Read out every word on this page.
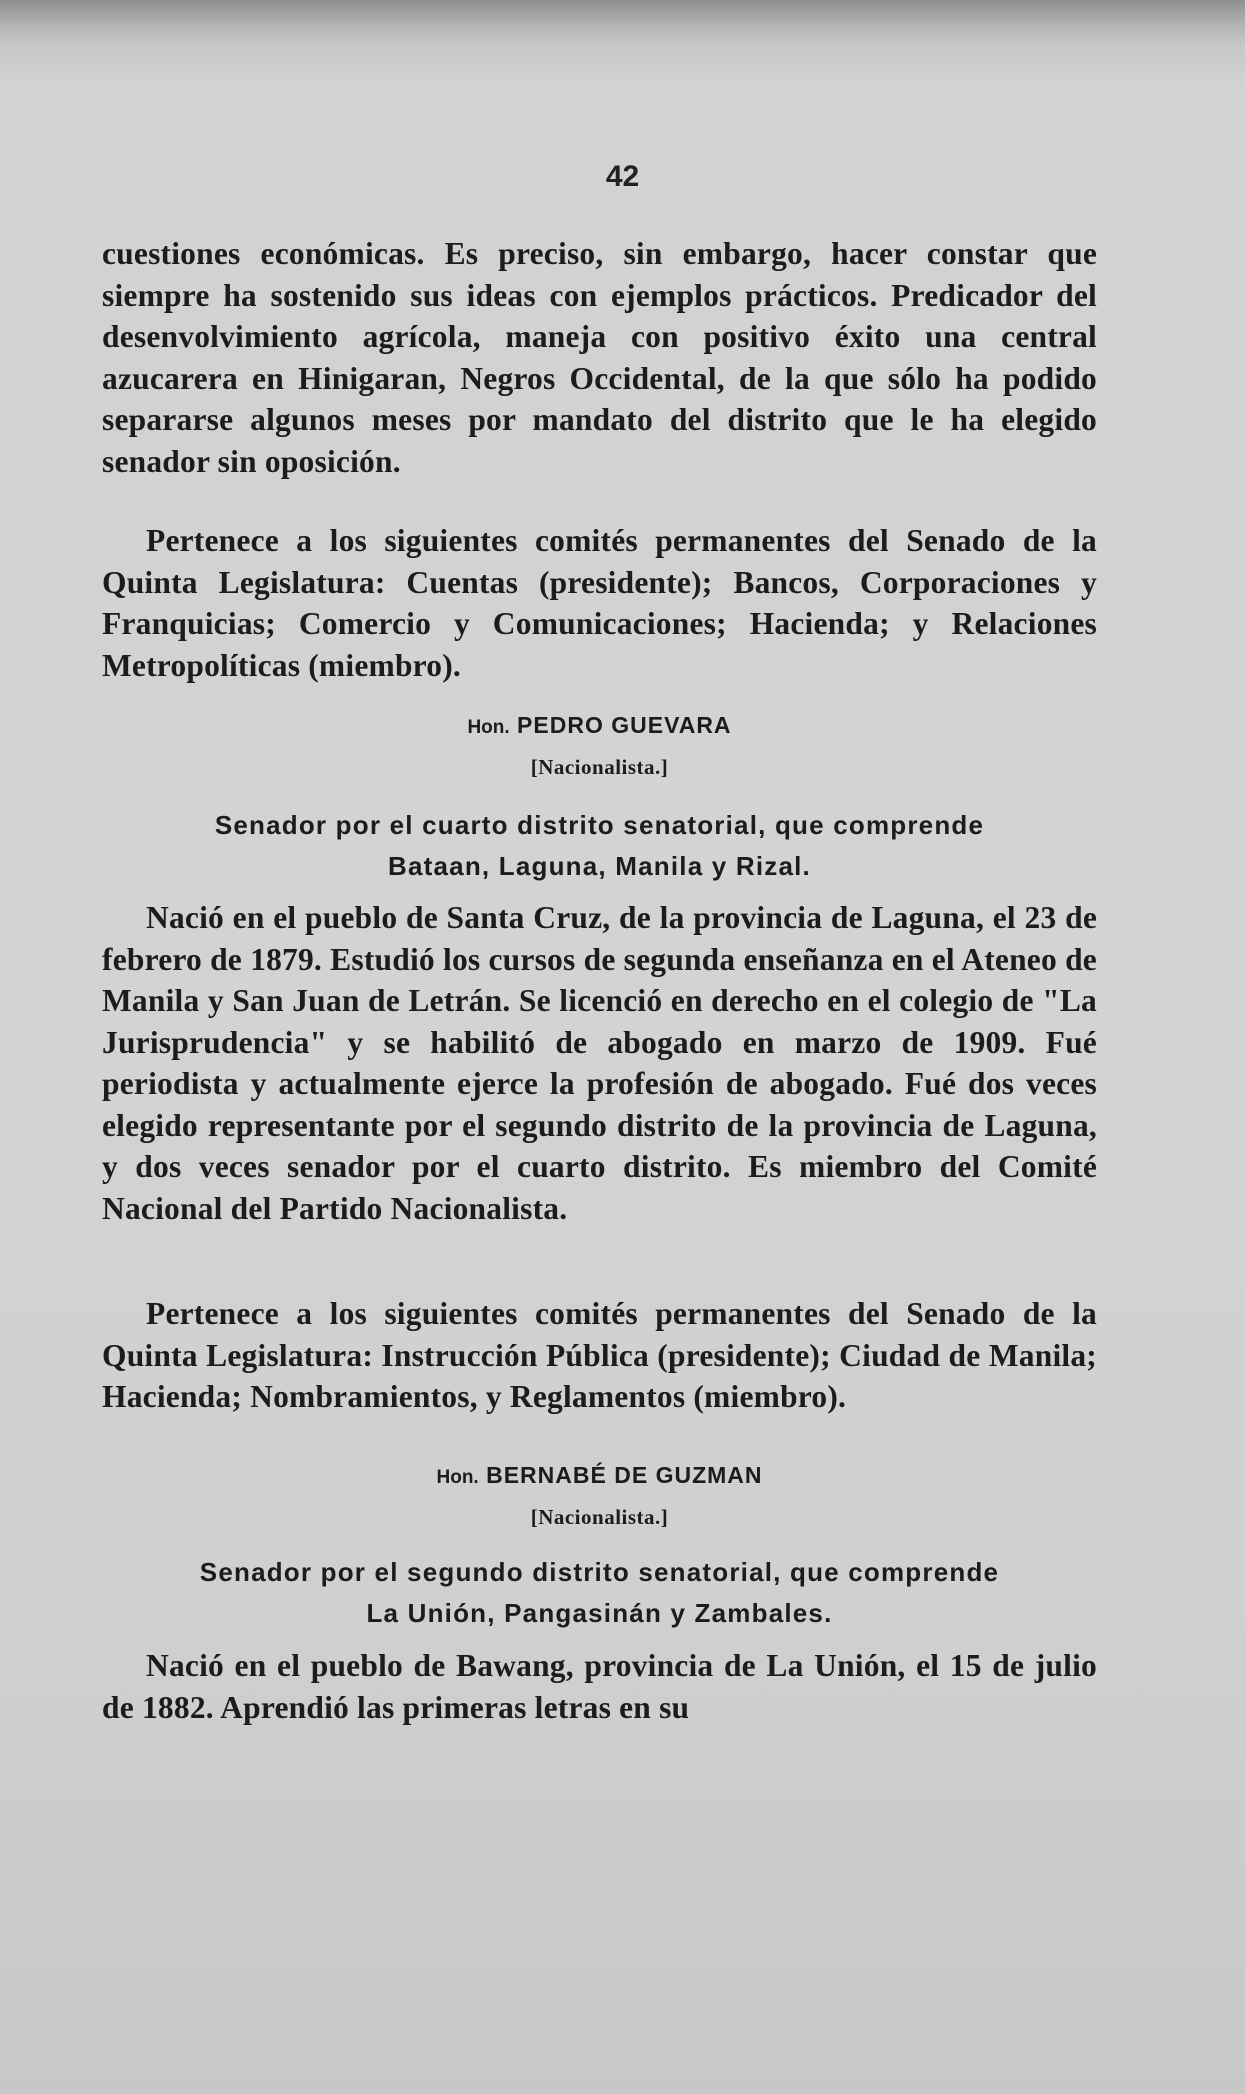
42

cuestiones económicas. Es preciso, sin embargo, hacer constar que siempre ha sostenido sus ideas con ejemplos prácticos. Predicador del desenvolvimiento agrícola, maneja con positivo éxito una central azucarera en Hinigaran, Negros Occidental, de la que sólo ha podido separarse algunos meses por mandato del distrito que le ha elegido senador sin oposición.

Pertenece a los siguientes comités permanentes del Senado de la Quinta Legislatura: Cuentas (presidente); Bancos, Corporaciones y Franquicias; Comercio y Comunicaciones; Hacienda; y Relaciones Metropolíticas (miembro).

Hon. PEDRO GUEVARA
[Nacionalista.]
Senador por el cuarto distrito senatorial, que comprende
Bataan, Laguna, Manila y Rizal.

Nació en el pueblo de Santa Cruz, de la provincia de Laguna, el 23 de febrero de 1879. Estudió los cursos de segunda enseñanza en el Ateneo de Manila y San Juan de Letrán. Se licenció en derecho en el colegio de "La Jurisprudencia" y se habilitó de abogado en marzo de 1909. Fué periodista y actualmente ejerce la profesión de abogado. Fué dos veces elegido representante por el segundo distrito de la provincia de Laguna, y dos veces senador por el cuarto distrito. Es miembro del Comité Nacional del Partido Nacionalista.

Pertenece a los siguientes comités permanentes del Senado de la Quinta Legislatura: Instrucción Pública (presidente); Ciudad de Manila; Hacienda; Nombramientos, y Reglamentos (miembro).

Hon. BERNABÉ DE GUZMAN
[Nacionalista.]
Senador por el segundo distrito senatorial, que comprende
La Unión, Pangasinán y Zambales.

Nació en el pueblo de Bawang, provincia de La Unión, el 15 de julio de 1882. Aprendió las primeras letras en su
